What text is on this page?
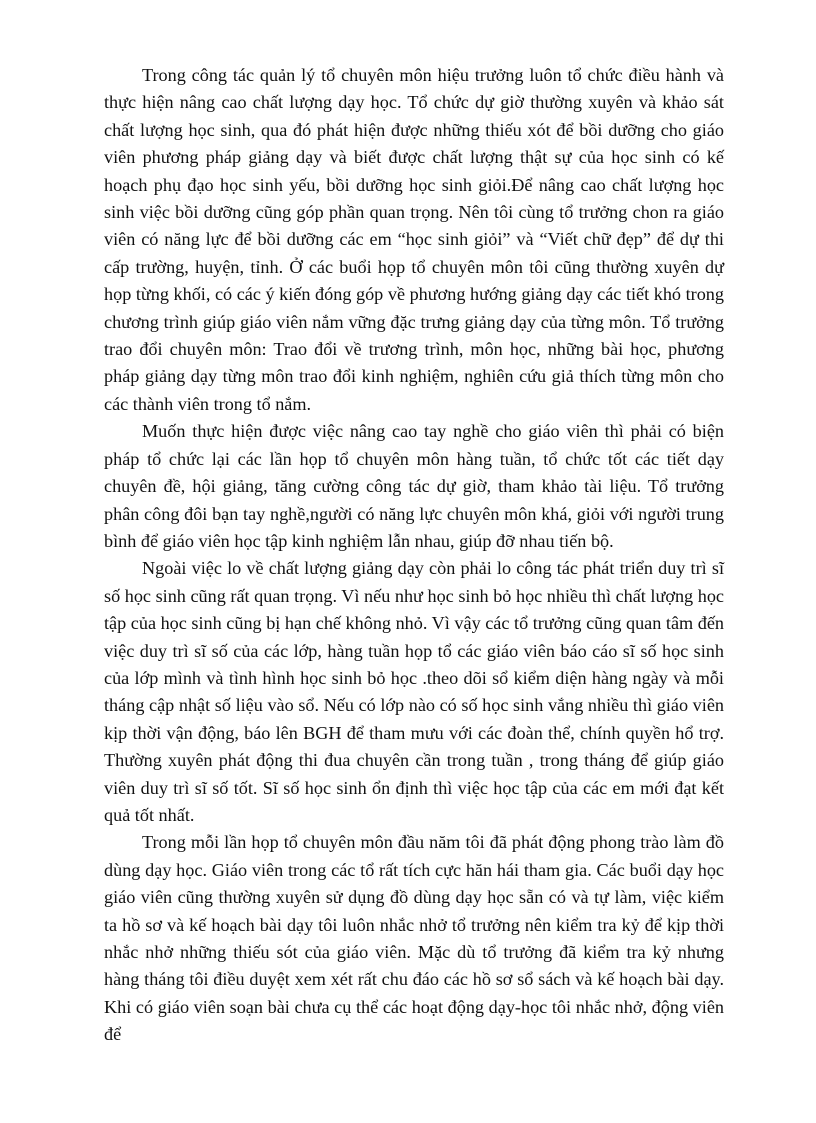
Trong công tác quản lý tổ chuyên môn hiệu trưởng luôn tổ chức điều hành và thực hiện nâng cao chất lượng dạy học. Tổ chức dự giờ thường xuyên và khảo sát chất lượng học sinh, qua đó phát hiện được những thiếu xót để bồi dưỡng cho giáo viên phương pháp giảng dạy và biết được chất lượng thật sự của học sinh có kế hoạch phụ đạo học sinh yếu, bồi dưỡng học sinh giỏi.Để nâng cao chất lượng học sinh việc bồi dưỡng cũng góp phần quan trọng. Nên tôi cùng tổ trưởng chon ra giáo viên có năng lực để bồi dưỡng các em “học sinh giỏi” và “Viết chữ đẹp” để dự thi cấp trường, huyện, tỉnh. Ở các buổi họp tổ chuyên môn tôi cũng thường xuyên dự họp từng khối, có các ý kiến đóng góp về phương hướng giảng dạy các tiết khó trong chương trình giúp giáo viên nắm vững đặc trưng giảng dạy của từng môn. Tổ trưởng trao đổi chuyên môn: Trao đổi về trương trình, môn học, những bài học, phương pháp giảng dạy từng môn trao đổi kinh nghiệm, nghiên cứu giả thích từng môn cho các thành viên trong tổ nắm.

Muốn thực hiện được việc nâng cao tay nghề cho giáo viên thì phải có biện pháp tổ chức lại các lần họp tổ chuyên môn hàng tuần, tổ chức tốt các tiết dạy chuyên đề, hội giảng, tăng cường công tác dự giờ, tham khảo tài liệu. Tổ trưởng phân công đôi bạn tay nghề,người có năng lực chuyên môn khá, giỏi với người trung bình để giáo viên học tập kinh nghiệm lẫn nhau, giúp đỡ nhau tiến bộ.

Ngoài việc lo về chất lượng giảng dạy còn phải lo công tác phát triển duy trì sĩ số học sinh cũng rất quan trọng. Vì nếu như học sinh bỏ học nhiều thì chất lượng học tập của học sinh cũng bị hạn chế không nhỏ. Vì vậy các tổ trưởng cũng quan tâm đến việc duy trì sĩ số của các lớp, hàng tuần họp tổ các giáo viên báo cáo sĩ số học sinh của lớp mình và tình hình học sinh bỏ học .theo dõi sổ kiểm diện hàng ngày và mỗi tháng cập nhật số liệu vào sổ. Nếu có lớp nào có số học sinh vắng nhiều thì giáo viên kịp thời vận động, báo lên BGH để tham mưu với các đoàn thể, chính quyền hổ trợ. Thường xuyên phát động thi đua chuyên cần trong tuần , trong tháng để giúp giáo viên duy trì sĩ số tốt. Sĩ số học sinh ổn định thì việc học tập của các em mới đạt kết quả tốt nhất.

Trong mỗi lần họp tổ chuyên môn đầu năm tôi đã phát động phong trào làm đồ dùng dạy học. Giáo viên trong các tổ rất tích cực hăn hái tham gia. Các buổi dạy học giáo viên cũng thường xuyên sử dụng đồ dùng dạy học sẵn có và tự làm, việc kiểm ta hồ sơ và kế hoạch bài dạy tôi luôn nhắc nhở tổ trưởng nên kiểm tra kỷ để kịp thời nhắc nhở những thiếu sót của giáo viên. Mặc dù tổ trưởng đã kiểm tra kỷ nhưng hàng tháng tôi điều duyệt xem xét rất chu đáo các hồ sơ sổ sách và kế hoạch bài dạy. Khi có giáo viên soạn bài chưa cụ thể các hoạt động dạy-học tôi nhắc nhở, động viên để
